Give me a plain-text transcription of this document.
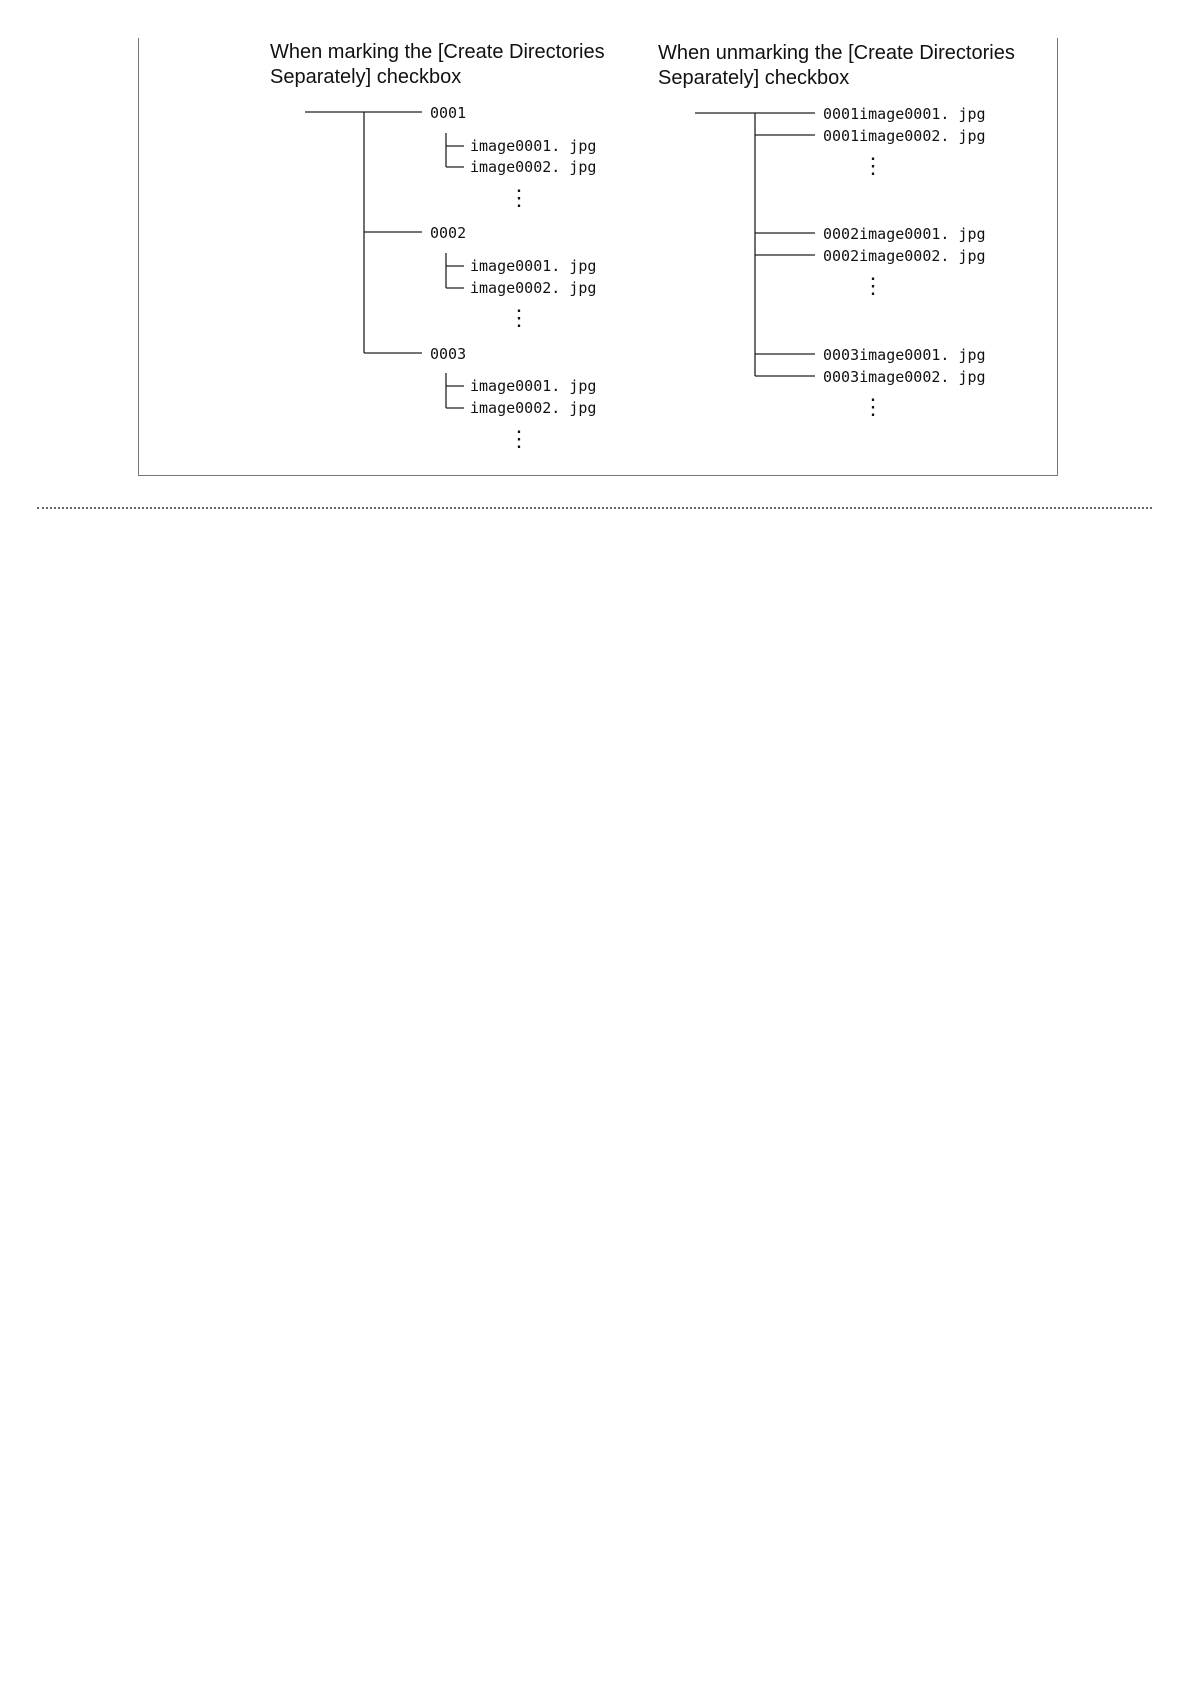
When marking the [Create Directories
Separately] checkbox
When unmarking the [Create Directories
Separately] checkbox
0001
image0001. jpg
image0002. jpg
⋮
0002
image0001. jpg
image0002. jpg
⋮
0003
image0001. jpg
image0002. jpg
⋮
0001image0001. jpg
0001image0002. jpg
⋮
0002image0001. jpg
0002image0002. jpg
⋮
0003image0001. jpg
0003image0002. jpg
⋮
